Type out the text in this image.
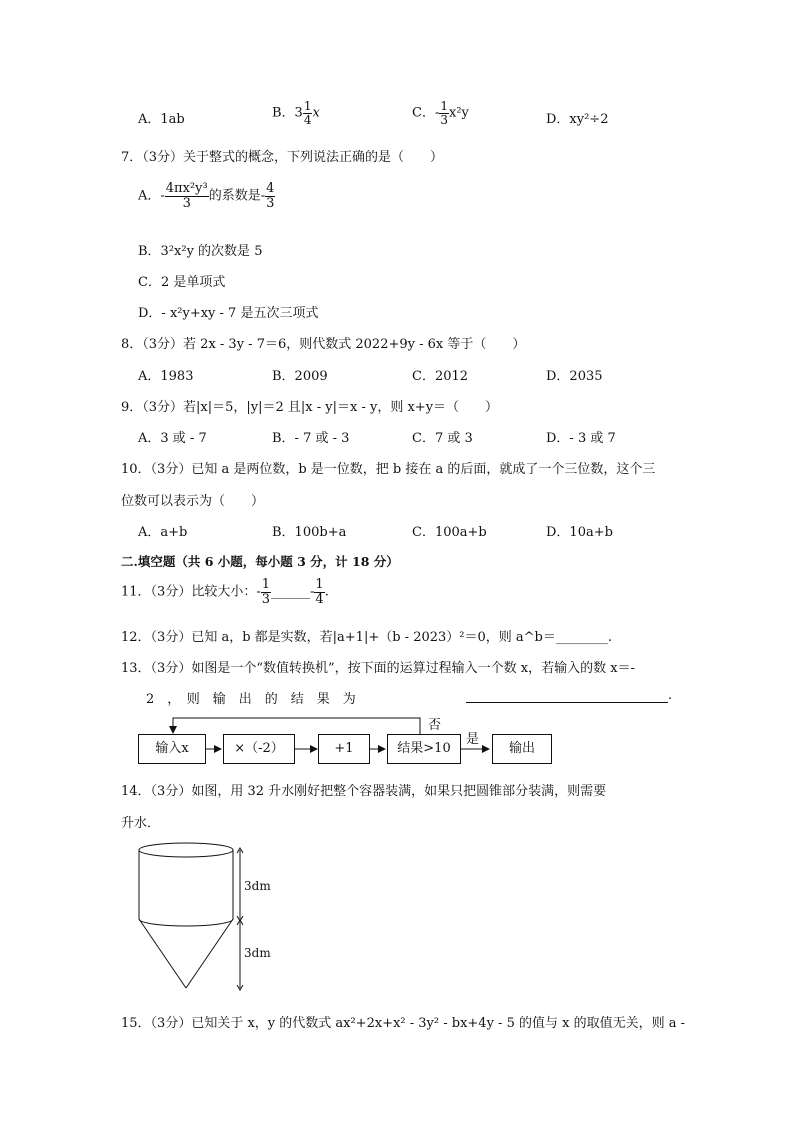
A．1ab	B．$3 \frac{1}{4}$ x	C．- $\frac{1}{3} x^2y$	D．xy²÷2
7．（3分）关于整式的概念，下列说法正确的是（　　）
A．- $\frac{\text{4πx²y³}}{3}$ 的系数是- $\frac{4}{3}$
B．3²x²y 的次数是 5
C．2 是单项式
D．- x²y+xy - 7 是五次三项式
8．（3分）若 2x - 3y - 7＝6，则代数式 2022+9y - 6x 等于（　　）
A．1983	B．2009	C．2012	D．2035
9．（3分）若|x|＝5，|y|＝2 且|x - y|＝x - y，则 x+y＝（　　）
A．3 或 - 7	B．- 7 或 - 3	C．7 或 3	D．- 3 或 7
10．（3分）已知 a 是两位数，b 是一位数，把 b 接在 a 的后面，就成了一个三位数，这个三
位数可以表示为（　　）
A．a+b	B．100b+a	C．100a+b	D．10a+b
二.填空题（共 6 小题，每小题 3 分，计 18 分）
11．（3分）比较大小：- $\frac{1}{3}$ ______- $\frac{1}{4}$ .
12．（3分）已知 a，b 都是实数，若|a+1|+（b - 2023）²＝0，则 a^b＝________.
13．（3分）如图是一个“数值转换机”，按下面的运算过程输入一个数 x，若输入的数 x＝-
2　，　则　输　出　的　结　果　为	.
输入x	×（-2）	+1	结果>10	输出
否
是
14．（3分）如图，用 32 升水刚好把整个容器装满，如果只把圆锥部分装满，则需要
升水．
3dm
3dm
15．（3分）已知关于 x，y 的代数式 ax²+2x+x² - 3y² - bx+4y - 5 的值与 x 的取值无关，则 a -
